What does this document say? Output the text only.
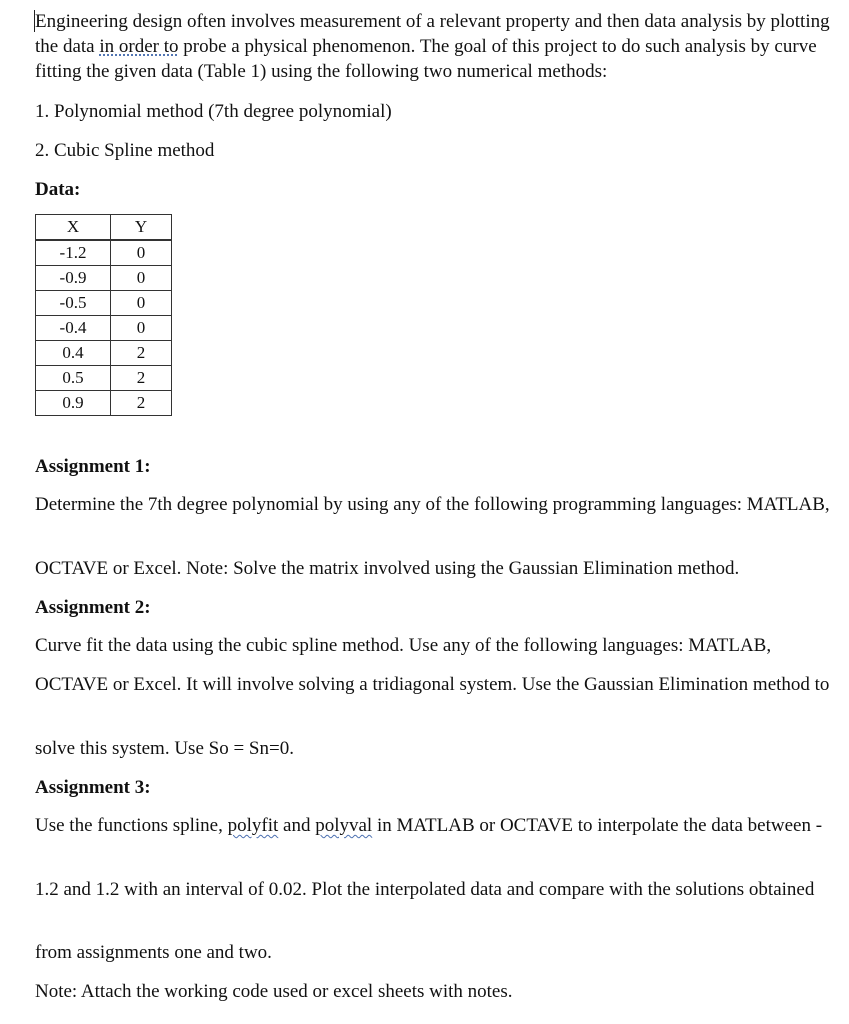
Engineering design often involves measurement of a relevant property and then data analysis by plotting the data in order to probe a physical phenomenon. The goal of this project to do such analysis by curve fitting the given data (Table 1) using the following two numerical methods:

1. Polynomial method (7th degree polynomial)

2. Cubic Spline method

Data:

X	Y
-1.2	0
-0.9	0
-0.5	0
-0.4	0
0.4	2
0.5	2
0.9	2

Assignment 1:

Determine the 7th degree polynomial by using any of the following programming languages: MATLAB,

OCTAVE or Excel. Note: Solve the matrix involved using the Gaussian Elimination method.

Assignment 2:

Curve fit the data using the cubic spline method. Use any of the following languages: MATLAB,

OCTAVE or Excel. It will involve solving a tridiagonal system. Use the Gaussian Elimination method to

solve this system. Use So = Sn=0.

Assignment 3:

Use the functions spline, polyfit and polyval in MATLAB or OCTAVE to interpolate the data between -

1.2 and 1.2 with an interval of 0.02. Plot the interpolated data and compare with the solutions obtained

from assignments one and two.

Note: Attach the working code used or excel sheets with notes.
